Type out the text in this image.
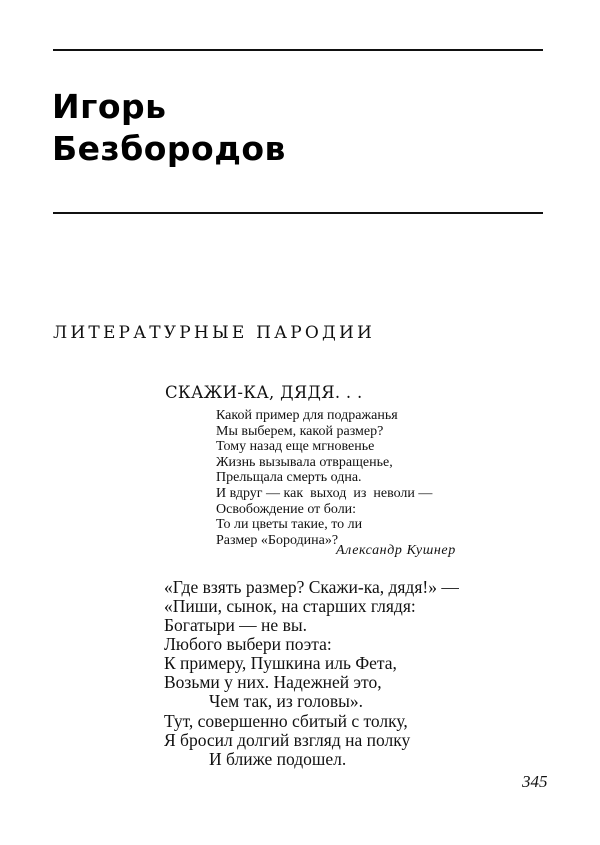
Игорь
Безбородов
ЛИТЕРАТУРНЫЕ ПАРОДИИ
СКАЖИ-КА, ДЯДЯ. . .
Какой пример для подражанья
Мы выберем, какой размер?
Тому назад еще мгновенье
Жизнь вызывала отвращенье,
Прельщала смерть одна.
И вдруг — как  выход  из  неволи —
Освобождение от боли:
То ли цветы такие, то ли
Размер «Бородина»?
Александр Кушнер
«Где взять размер? Скажи-ка, дядя!» —
«Пиши, сынок, на старших глядя:
Богатыри — не вы.
Любого выбери поэта:
К примеру, Пушкина иль Фета,
Возьми у них. Надежней это,
Чем так, из головы».
Тут, совершенно сбитый с толку,
Я бросил долгий взгляд на полку
И ближе подошел.
345
